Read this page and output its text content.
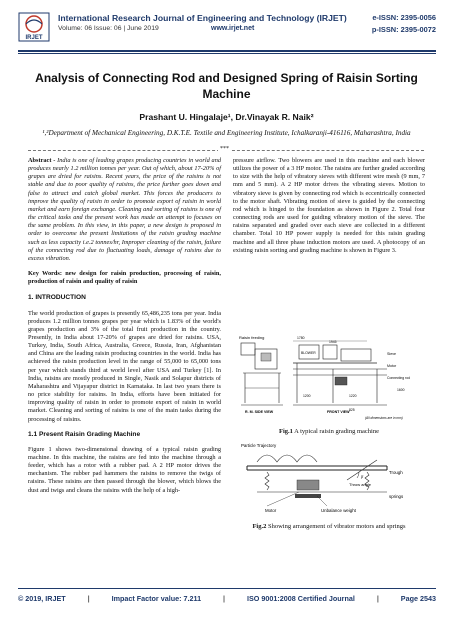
IRJET
International Research Journal of Engineering and Technology (IRJET)	e-ISSN: 2395-0056
Volume: 06 Issue: 06 | June 2019	www.irjet.net	p-ISSN: 2395-0072
Analysis of Connecting Rod and Designed Spring of Raisin Sorting Machine
Prashant U. Hingalaje¹, Dr.Vinayak R. Naik²
¹,²Department of Mechanical Engineering, D.K.T.E. Textile and Engineering Institute, Ichalkaranji-416116, Maharashtra, India
***

Abstract - India is one of leading grapes producing countries in world and produces nearly 1.2 million tonnes per year. Out of which, about 17-20% of grapes are dried for raisins. Recent years, the price of the raisins is not stable and due to poor quality of raisins, the price further goes down and false to attract and catch global market. This forces the producers to improve the quality of raisin in order to promote export of raisin in world market and earn foreign exchange. Cleaning and sorting of raisins is one of the critical tasks and the present work has made an attempt to focuses on the same problem. In this view, in this paper, a new design is proposed in order to overcome the present limitations of the raisin grading machine such as less capacity i.e.2 tonnes/hr, Improper cleaning of the raisin, failure of the connecting rod due to fluctuating loads, damage of raisins due to excess vibration.

Key Words: new design for raisin production, processing of raisin, production of raisin and quality of raisin

1. INTRODUCTION

The world production of grapes is presently 65,486,235 tons per year. India produces 1.2 million tonnes grapes per year which is 1.83% of the world's grapes production and 3% of the total fruit production in the country. Presently, in India about 17-20% of grapes are dried for raisins. USA, Turkey, India, South Africa, Australia, Greece, Russia, Iran, Afghanistan and China are the leading raisin producing countries in the world. India has achieved the raisin production level in the range of 55,000 to 65,000 tons per year which stands third at world level after USA and Turkey [1]. In India, raisins are mostly produced in Single, Nasik and Solapur districts of Maharashtra and Vijayapur district in Karnataka. In last two years there is no price stability for raisins. In India, efforts have been initiated for improving quality of raisin in order to promote export of raisin in world market. Cleaning and sorting of raisins is one of the main tasks during the processing of raisins.

1.1 Present Raisin Grading Machine

Figure 1 shows two-dimensional drawing of a typical raisin grading machine. In this machine, the raisins are fed into the machine through a feeder, which has a rotor with a rubber pad. A 2 HP motor drives the mechanism. The rubber pad hammers the raisins to remove the twigs of raisins. These raisins are then passed through the blower, which blows the dust and twigs and cleans the raisins with the help of a high-

pressure airflow. Two blowers are used in this machine and each blower utilizes the power of a 3 HP motor. The raisins are further graded according to size with the help of vibratory sieves with different wire mesh (9 mm, 7 mm and 5 mm). A 2 HP motor drives the vibrating sieves. Motion to vibratory sieve is given by connecting rod which is eccentrically connected to the motor shaft. Vibrating motion of sieve is guided by the connecting rod which is hinged to the foundation as shown in Figure 2. Total four connecting rods are used for guiding vibratory motion of the sieve. The raisins separated and graded over each sieve are collected in a different chamber. Total 10 HP power supply is needed for this raisin grading machine and all three phase induction motors are used. A photocopy of an existing raisin sorting and grading machine is shown in Figure 3.

Raisin feeding
R. M. SIDE VIEW
1780
1945
BLOWER	Sieve
Motor
Connecting rod
1600
1200	1220
825
FRONT VIEW
(All dimensions are in mm)
Fig.1 A typical raisin grading machine
Particle Trajectory
β
Throw angle
Trough
springs
Motor	Unbalance weight
Fig.2 Showing arrangement of vibrator motors and springs
© 2019, IRJET	|	Impact Factor value: 7.211	|	ISO 9001:2008 Certified Journal	|	Page 2543
